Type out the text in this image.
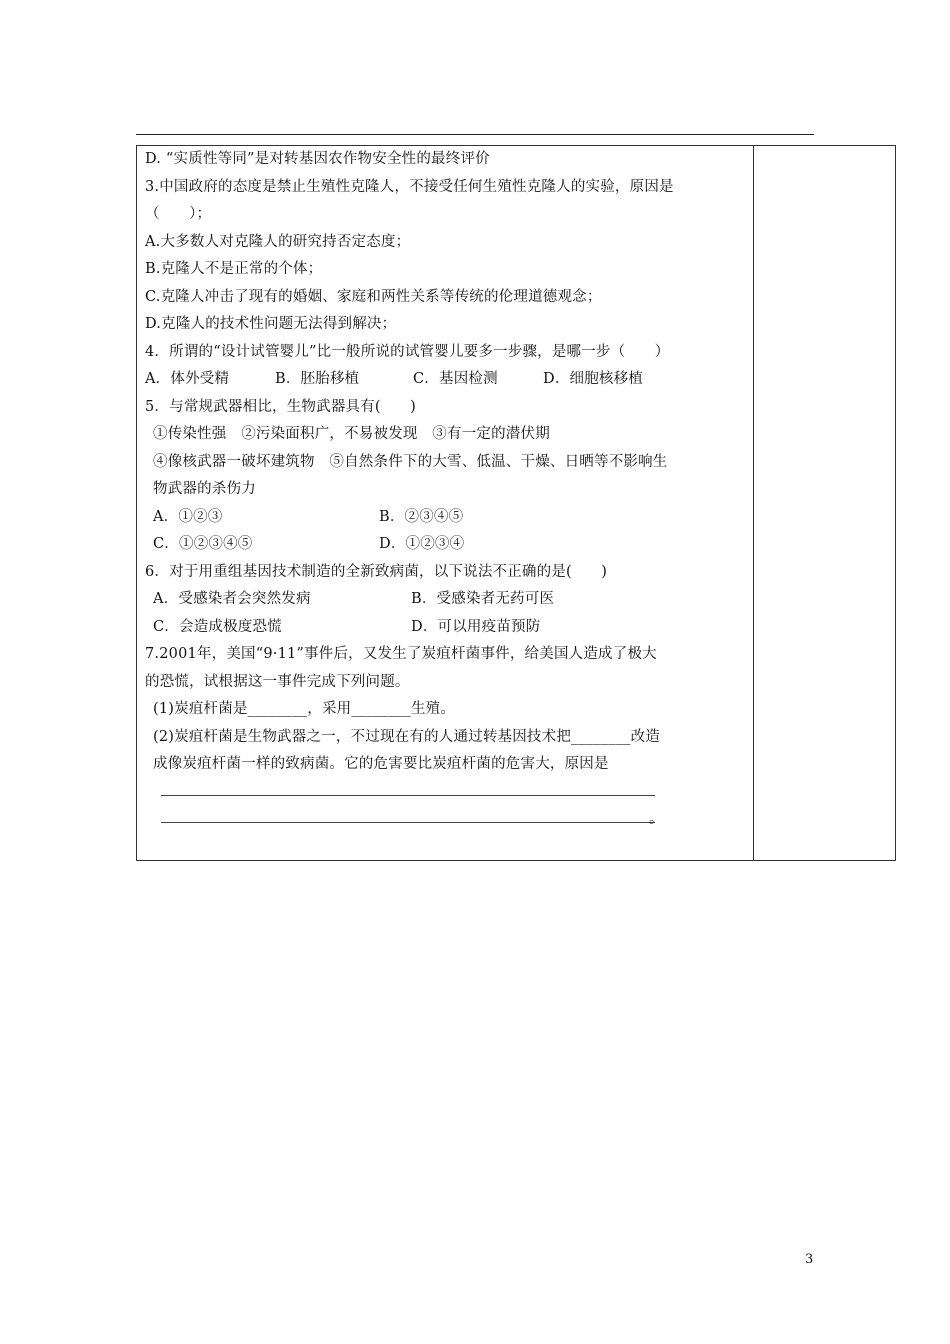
D. “实质性等同”是对转基因农作物安全性的最终评价
3.中国政府的态度是禁止生殖性克隆人，不接受任何生殖性克隆人的实验，原因是
（　　）；
A.大多数人对克隆人的研究持否定态度；
B.克隆人不是正常的个体；
C.克隆人冲击了现有的婚姻、家庭和两性关系等传统的伦理道德观念；
D.克隆人的技术性问题无法得到解决；
4．所谓的“设计试管婴儿”比一般所说的试管婴儿要多一步骤，是哪一步（　　）
A．体外受精	B．胚胎移植	C．基因检测	D．细胞核移植
5．与常规武器相比，生物武器具有(　　)
①传染性强　②污染面积广，不易被发现　③有一定的潜伏期
④像核武器一破坏建筑物　⑤自然条件下的大雪、低温、干燥、日晒等不影响生
物武器的杀伤力
A．①②③	B．②③④⑤
C．①②③④⑤	D．①②③④
6．对于用重组基因技术制造的全新致病菌，以下说法不正确的是(　　)
A．受感染者会突然发病	B．受感染者无药可医
C．会造成极度恐慌	D．可以用疫苗预防
7.2001年，美国“9·11”事件后，又发生了炭疽杆菌事件，给美国人造成了极大
的恐慌，试根据这一事件完成下列问题。
(1)炭疽杆菌是________，采用________生殖。
(2)炭疽杆菌是生物武器之一，不过现在有的人通过转基因技术把________改造
成像炭疽杆菌一样的致病菌。它的危害要比炭疽杆菌的危害大，原因是
。
3
